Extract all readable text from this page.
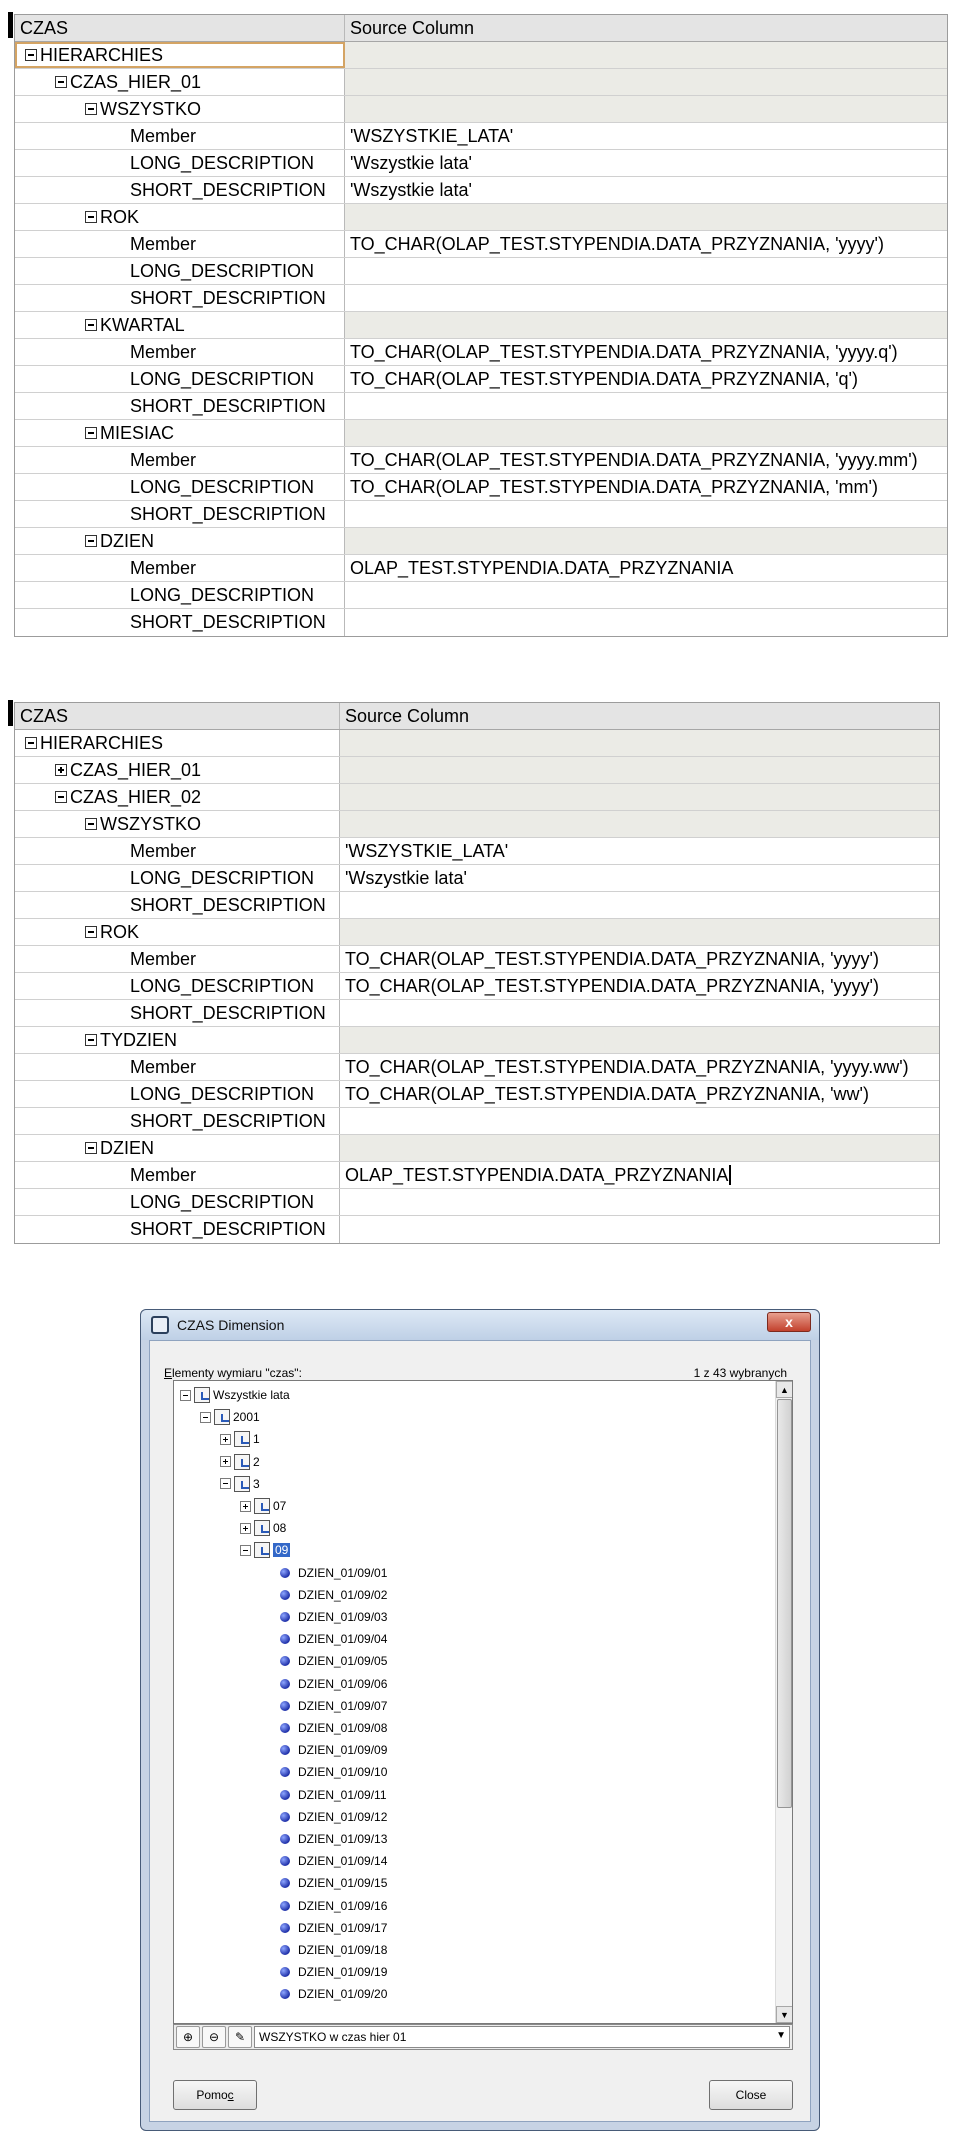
CZAS	Source Column
HIERARCHIES
CZAS_HIER_01
WSZYSTKO
Member	'WSZYSTKIE_LATA'
LONG_DESCRIPTION 'Wszystkie lata'
SHORT_DESCRIPTION 'Wszystkie lata'
ROK
Member	TO_CHAR(OLAP_TEST.STYPENDIA.DATA_PRZYZNANIA, 'yyyy')
LONG_DESCRIPTION
SHORT_DESCRIPTION
KWARTAL
Member	TO_CHAR(OLAP_TEST.STYPENDIA.DATA_PRZYZNANIA, 'yyyy.q')
LONG_DESCRIPTION TO_CHAR(OLAP_TEST.STYPENDIA.DATA_PRZYZNANIA, 'q')
SHORT_DESCRIPTION
MIESIAC
Member	TO_CHAR(OLAP_TEST.STYPENDIA.DATA_PRZYZNANIA, 'yyyy.mm')
LONG_DESCRIPTION TO_CHAR(OLAP_TEST.STYPENDIA.DATA_PRZYZNANIA, 'mm')
SHORT_DESCRIPTION
DZIEN
Member	OLAP_TEST.STYPENDIA.DATA_PRZYZNANIA
LONG_DESCRIPTION
SHORT_DESCRIPTION
CZAS	Source Column
HIERARCHIES
CZAS_HIER_01
CZAS_HIER_02
WSZYSTKO
Member	'WSZYSTKIE_LATA'
LONG_DESCRIPTION 'Wszystkie lata'
SHORT_DESCRIPTION
ROK
Member	TO_CHAR(OLAP_TEST.STYPENDIA.DATA_PRZYZNANIA, 'yyyy')
LONG_DESCRIPTION TO_CHAR(OLAP_TEST.STYPENDIA.DATA_PRZYZNANIA, 'yyyy')
SHORT_DESCRIPTION
TYDZIEN
Member	TO_CHAR(OLAP_TEST.STYPENDIA.DATA_PRZYZNANIA, 'yyyy.ww')
LONG_DESCRIPTION TO_CHAR(OLAP_TEST.STYPENDIA.DATA_PRZYZNANIA, 'ww')
SHORT_DESCRIPTION
DZIEN
Member	OLAP_TEST.STYPENDIA.DATA_PRZYZNANIA
LONG_DESCRIPTION
SHORT_DESCRIPTION
CZAS Dimension	x
Elementy wymiaru "czas":	1 z 43 wybranych
Wszystkie lata
2001
1
2
3
07
08
09
DZIEN_01/09/01
DZIEN_01/09/02
DZIEN_01/09/03
DZIEN_01/09/04
DZIEN_01/09/05
DZIEN_01/09/06
DZIEN_01/09/07
DZIEN_01/09/08
DZIEN_01/09/09
DZIEN_01/09/10
DZIEN_01/09/11
DZIEN_01/09/12
DZIEN_01/09/13
DZIEN_01/09/14
DZIEN_01/09/15
DZIEN_01/09/16
DZIEN_01/09/17
DZIEN_01/09/18
DZIEN_01/09/19
DZIEN_01/09/20
▲
▼
⊕ ⊖ ✎ WSZYSTKO w czas hier 01	▼
Pomo c	Close
